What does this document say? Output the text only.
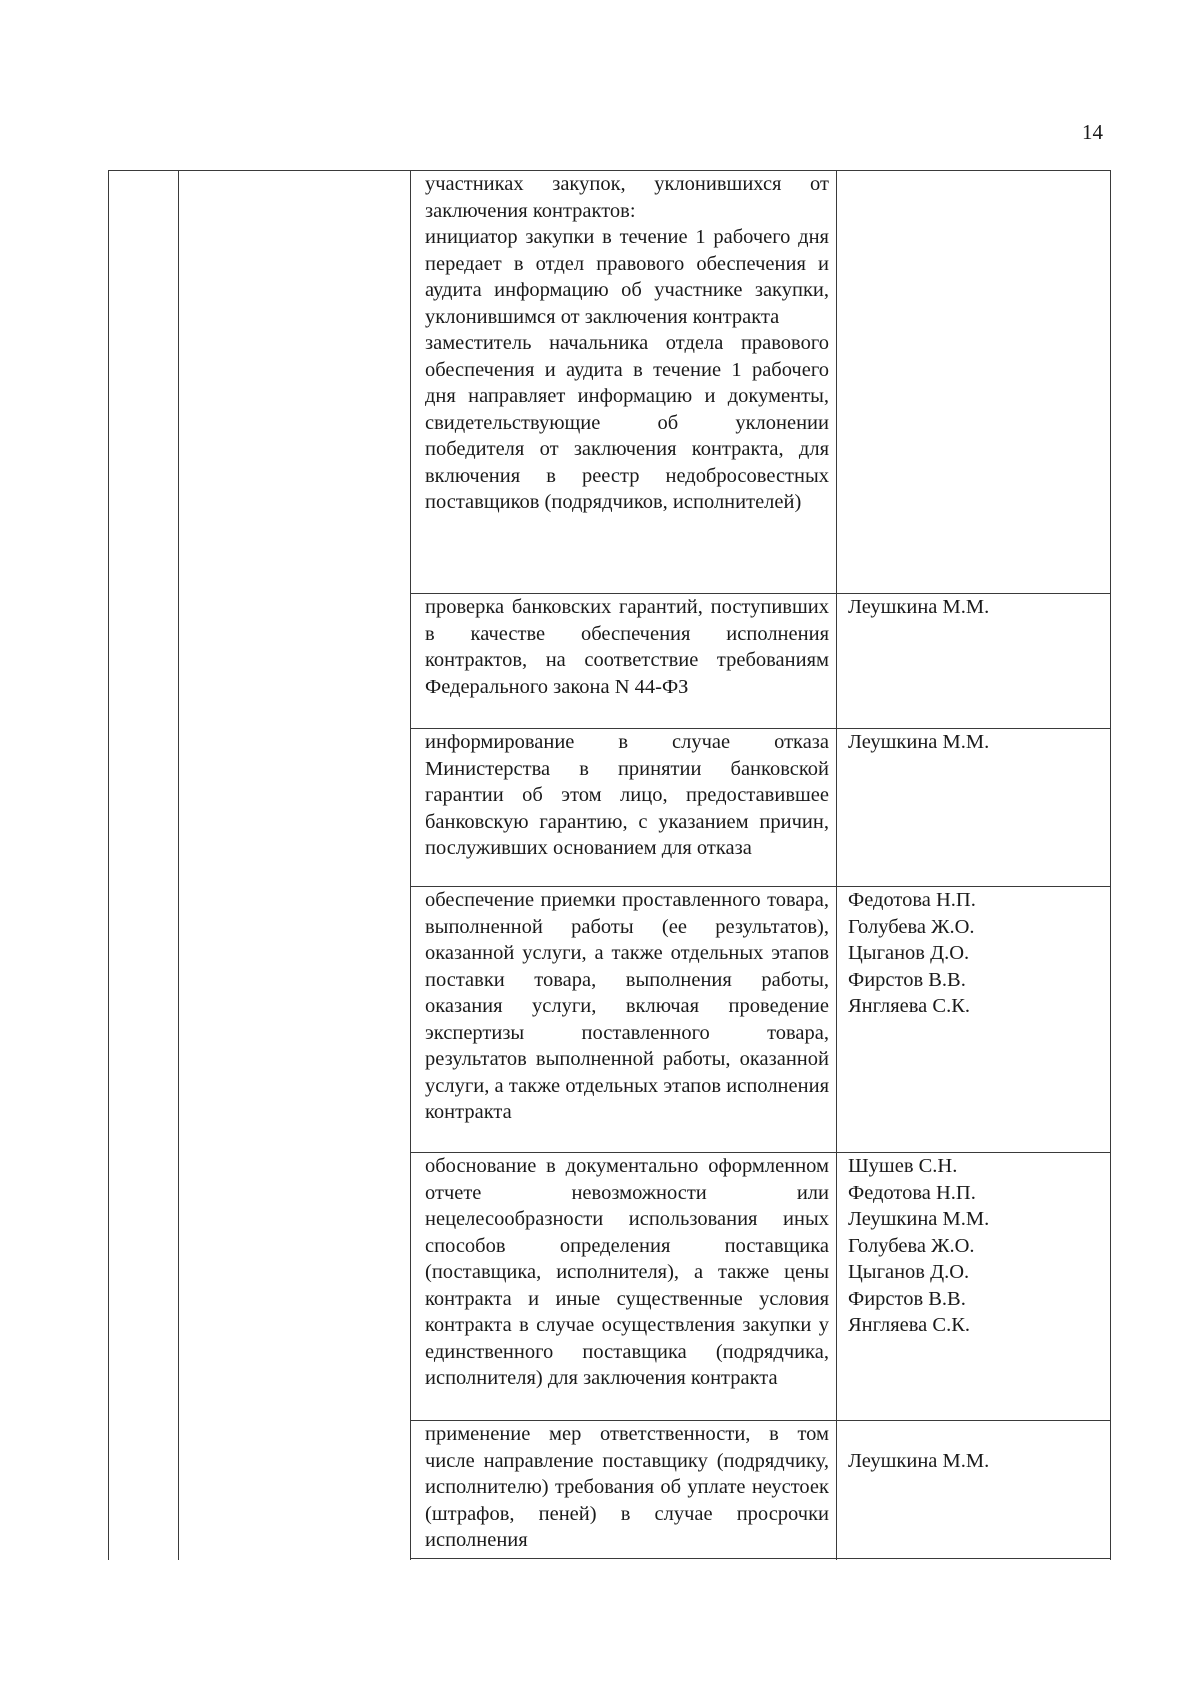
14
участниках закупок, уклонившихся от заключения контрактов:
инициатор закупки в течение 1 рабочего дня передает в отдел правового обеспечения и аудита информацию об участнике закупки, уклонившимся от заключения контракта
заместитель начальника отдела правового обеспечения и аудита в течение 1 рабочего дня направляет информацию и документы, свидетельствующие об уклонении победителя от заключения контракта, для включения в реестр недобросовестных поставщиков (подрядчиков, исполнителей)
проверка банковских гарантий, поступивших в качестве обеспечения исполнения контрактов, на соответствие требованиям Федерального закона N 44-ФЗ
Леушкина М.М.
информирование в случае отказа Министерства в принятии банковской гарантии об этом лицо, предоставившее банковскую гарантию, с указанием причин, послуживших основанием для отказа
Леушкина М.М.
обеспечение приемки проставленного товара, выполненной работы (ее результатов), оказанной услуги, а также отдельных этапов поставки товара, выполнения работы, оказания услуги, включая проведение экспертизы поставленного товара, результатов выполненной работы, оказанной услуги, а также отдельных этапов исполнения контракта
Федотова Н.П.
Голубева Ж.О.
Цыганов Д.О.
Фирстов В.В.
Янгляева С.К.
обоснование в документально оформленном отчете невозможности или нецелесообразности использования иных способов определения поставщика (поставщика, исполнителя), а также цены контракта и иные существенные условия контракта в случае осуществления закупки у единственного поставщика (подрядчика, исполнителя) для заключения контракта
Шушев С.Н.
Федотова Н.П.
Леушкина М.М.
Голубева Ж.О.
Цыганов Д.О.
Фирстов В.В.
Янгляева С.К.
применение мер ответственности, в том числе направление поставщику (подрядчику, исполнителю) требования об уплате неустоек (штрафов, пеней) в случае просрочки исполнения
Леушкина М.М.
